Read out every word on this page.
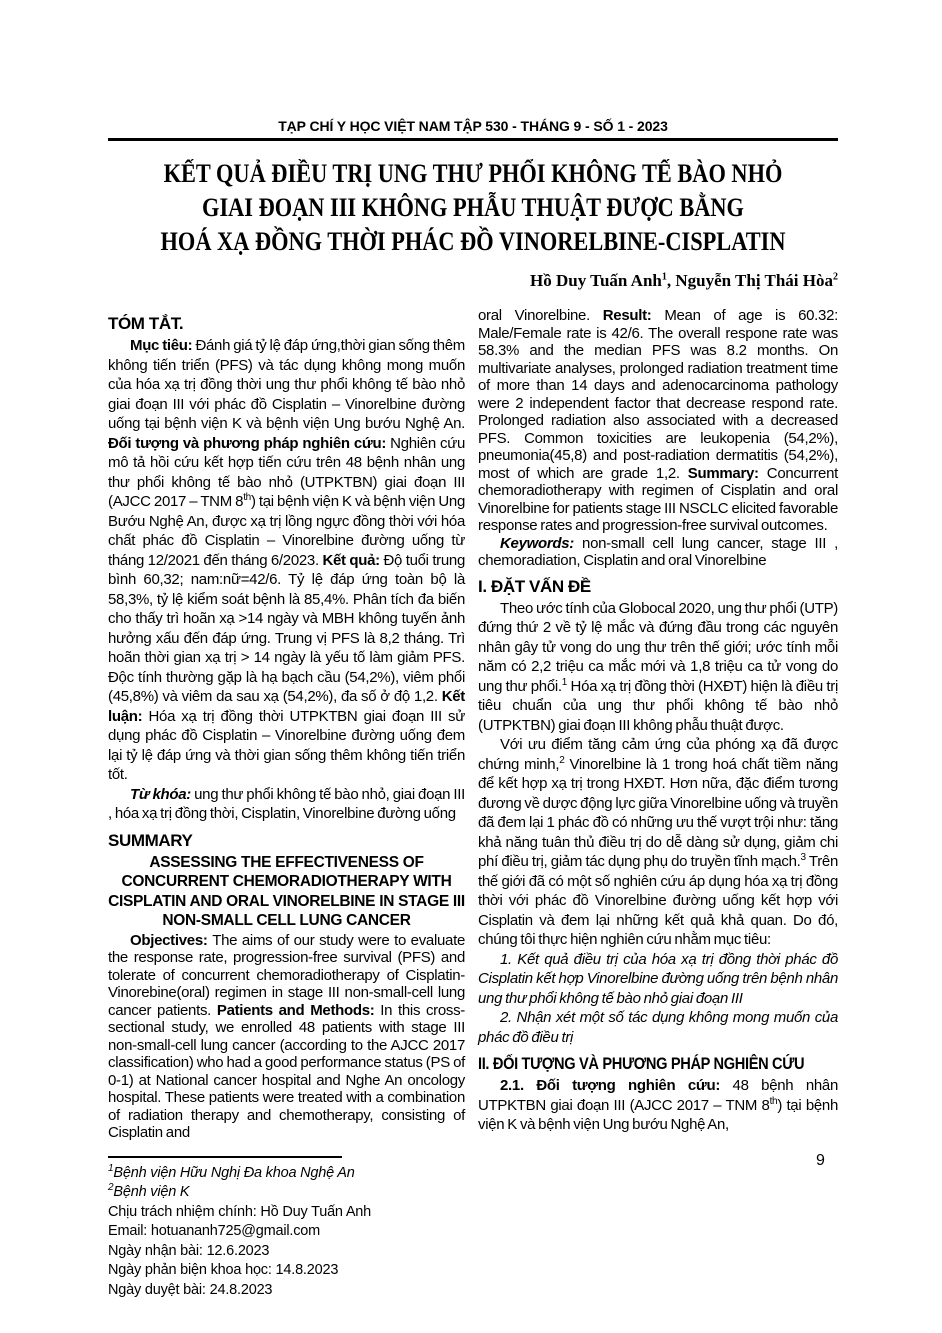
TẠP CHÍ Y HỌC VIỆT NAM TẬP 530 - THÁNG 9 - SỐ 1 - 2023
KẾT QUẢ ĐIỀU TRỊ UNG THƯ PHỔI KHÔNG TẾ BÀO NHỎ
GIAI ĐOẠN III KHÔNG PHẪU THUẬT ĐƯỢC BẰNG
HOÁ XẠ ĐỒNG THỜI PHÁC ĐỒ VINORELBINE-CISPLATIN
Hồ Duy Tuấn Anh$^1$, Nguyễn Thị Thái Hòa$^2$
TÓM TẮT.

Mục tiêu: Đánh giá tỷ lệ đáp ứng,thời gian sống thêm không tiến triển (PFS) và tác dụng không mong muốn của hóa xạ trị đồng thời ung thư phổi không tế bào nhỏ giai đoạn III với phác đồ Cisplatin – Vinorelbine đường uống tại bệnh viện K và bệnh viện Ung bướu Nghệ An. Đối tượng và phương pháp nghiên cứu: Nghiên cứu mô tả hồi cứu kết hợp tiến cứu trên 48 bệnh nhân ung thư phổi không tế bào nhỏ (UTPKTBN) giai đoạn III (AJCC 2017 – TNM 8th) tại bệnh viện K và bệnh viện Ung Bướu Nghệ An, được xạ trị lồng ngực đồng thời với hóa chất phác đồ Cisplatin – Vinorelbine đường uống từ tháng 12/2021 đến tháng 6/2023. Kết quả: Độ tuổi trung bình 60,32; nam:nữ=42/6. Tỷ lệ đáp ứng toàn bộ là 58,3%, tỷ lệ kiểm soát bệnh là 85,4%. Phân tích đa biến cho thấy trì hoãn xạ >14 ngày và MBH không tuyến ảnh hưởng xấu đến đáp ứng. Trung vị PFS là 8,2 tháng. Trì hoãn thời gian xạ trị > 14 ngày là yếu tố làm giảm PFS. Độc tính thường gặp là hạ bạch cầu (54,2%), viêm phổi (45,8%) và viêm da sau xạ (54,2%), đa số ở độ 1,2. Kết luận: Hóa xạ trị đồng thời UTPKTBN giai đoạn III sử dụng phác đồ Cisplatin – Vinorelbine đường uống đem lại tỷ lệ đáp ứng và thời gian sống thêm không tiến triển tốt.

Từ khóa: ung thư phổi không tế bào nhỏ, giai đoạn III , hóa xạ trị đồng thời, Cisplatin, Vinorelbine đường uống

SUMMARY
ASSESSING THE EFFECTIVENESS OF CONCURRENT CHEMORADIOTHERAPY WITH CISPLATIN AND ORAL VINORELBINE IN STAGE III NON-SMALL CELL LUNG CANCER

Objectives: The aims of our study were to evaluate the response rate, progression-free survival (PFS) and tolerate of concurrent chemoradiotherapy of Cisplatin-Vinorebine(oral) regimen in stage III non-small-cell lung cancer patients. Patients and Methods: In this cross-sectional study, we enrolled 48 patients with stage III non-small-cell lung cancer (according to the AJCC 2017 classification) who had a good performance status (PS of 0-1) at National cancer hospital and Nghe An oncology hospital. These patients were treated with a combination of radiation therapy and chemotherapy, consisting of Cisplatin and

$^1$Bệnh viện Hữu Nghị Đa khoa Nghệ An

$^2$Bệnh viện K

Chịu trách nhiệm chính: Hồ Duy Tuấn Anh

Email: hotuananh725@gmail.com

Ngày nhận bài: 12.6.2023

Ngày phản biện khoa học: 14.8.2023

Ngày duyệt bài: 24.8.2023

oral Vinorelbine. Result: Mean of age is 60.32: Male/Female rate is 42/6. The overall respone rate was 58.3% and the median PFS was 8.2 months. On multivariate analyses, prolonged radiation treatment time of more than 14 days and adenocarcinoma pathology were 2 independent factor that decrease respond rate. Prolonged radiation also associated with a decreased PFS. Common toxicities are leukopenia (54,2%), pneumonia(45,8) and post-radiation dermatitis (54,2%), most of which are grade 1,2. Summary: Concurrent chemoradiotherapy with regimen of Cisplatin and oral Vinorelbine for patients stage III NSCLC elicited favorable response rates and progression-free survival outcomes.

Keywords: non-small cell lung cancer, stage III , chemoradiation, Cisplatin and oral Vinorelbine

I. ĐẶT VẤN ĐỀ

Theo ước tính của Globocal 2020, ung thư phổi (UTP) đứng thứ 2 về tỷ lệ mắc và đứng đầu trong các nguyên nhân gây tử vong do ung thư trên thế giới; ước tính mỗi năm có 2,2 triệu ca mắc mới và 1,8 triệu ca tử vong do ung thư phổi.$^1$ Hóa xạ trị đồng thời (HXĐT) hiện là điều trị tiêu chuẩn của ung thư phổi không tế bào nhỏ (UTPKTBN) giai đoạn III không phẫu thuật được.

Với ưu điểm tăng cảm ứng của phóng xạ đã được chứng minh,$^2$ Vinorelbine là 1 trong hoá chất tiềm năng để kết hợp xạ trị trong HXĐT. Hơn nữa, đặc điểm tương đương về dược động lực giữa Vinorelbine uống và truyền đã đem lại 1 phác đồ có những ưu thế vượt trội như: tăng khả năng tuân thủ điều trị do dễ dàng sử dụng, giảm chi phí điều trị, giảm tác dụng phụ do truyền tĩnh mạch.$^3$ Trên thế giới đã có một số nghiên cứu áp dụng hóa xạ trị đồng thời với phác đồ Vinorelbine đường uống kết hợp với Cisplatin và đem lại những kết quả khả quan. Do đó, chúng tôi thực hiện nghiên cứu nhằm mục tiêu:

1. Kết quả điều trị của hóa xạ trị đồng thời phác đồ Cisplatin kết hợp Vinorelbine đường uống trên bệnh nhân ung thư phổi không tế bào nhỏ giai đoạn III

2. Nhận xét một số tác dụng không mong muốn của phác đồ điều trị

II. ĐỐI TƯỢNG VÀ PHƯƠNG PHÁP NGHIÊN CỨU

2.1. Đối tượng nghiên cứu: 48 bệnh nhân UTPKTBN giai đoạn III (AJCC 2017 – TNM 8th) tại bệnh viện K và bệnh viện Ung bướu Nghệ An,

9
